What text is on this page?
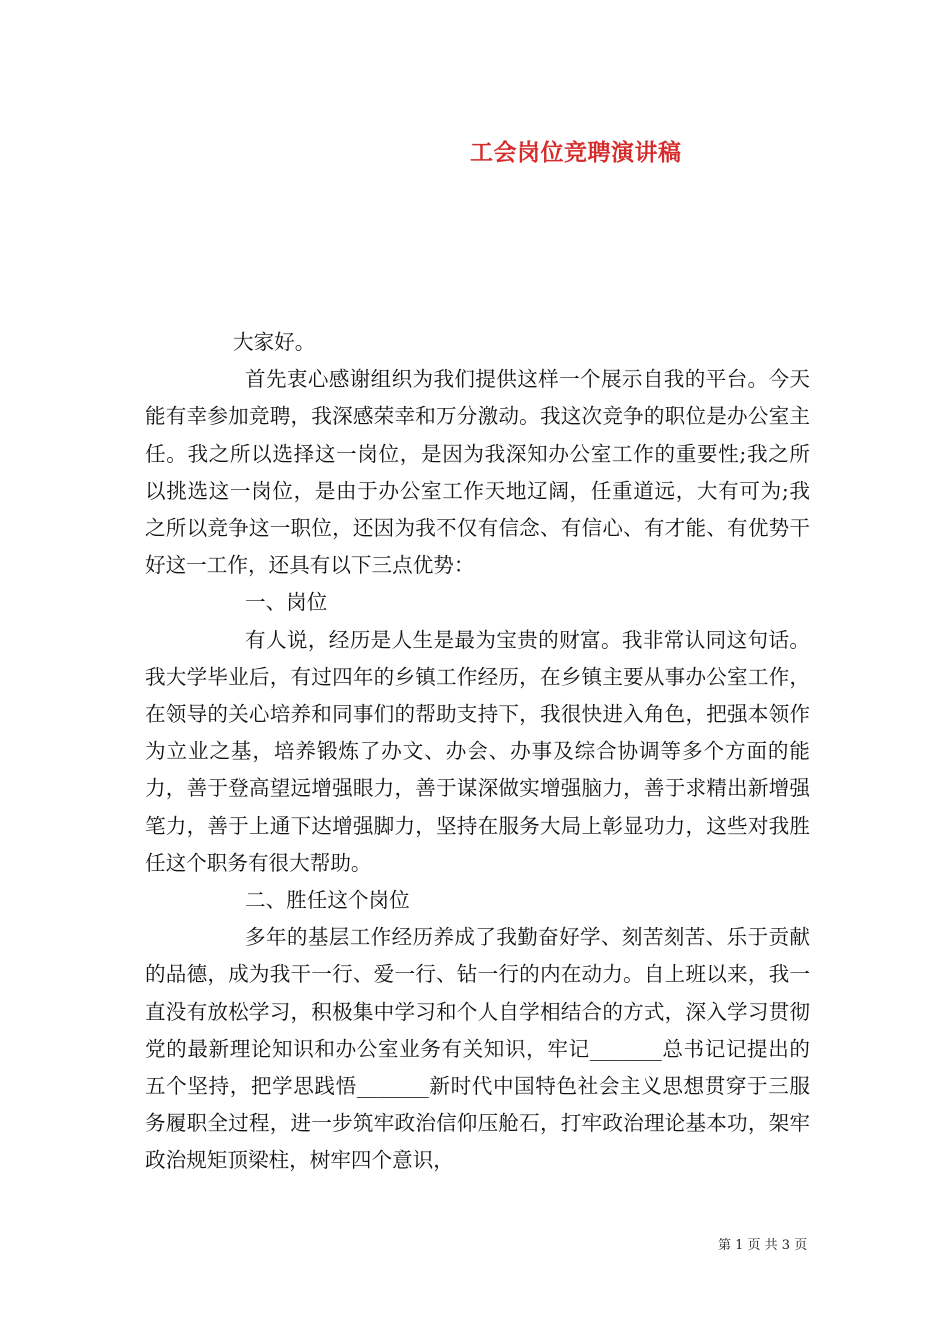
工会岗位竞聘演讲稿

大家好。

首先衷心感谢组织为我们提供这样一个展示自我的平台。今天能有幸参加竞聘，我深感荣幸和万分激动。我这次竞争的职位是办公室主任。我之所以选择这一岗位，是因为我深知办公室工作的重要性;我之所以挑选这一岗位，是由于办公室工作天地辽阔，任重道远，大有可为;我之所以竞争这一职位，还因为我不仅有信念、有信心、有才能、有优势干好这一工作，还具有以下三点优势：

一、岗位

有人说，经历是人生是最为宝贵的财富。我非常认同这句话。我大学毕业后，有过四年的乡镇工作经历，在乡镇主要从事办公室工作，在领导的关心培养和同事们的帮助支持下，我很快进入角色，把强本领作为立业之基，培养锻炼了办文、办会、办事及综合协调等多个方面的能力，善于登高望远增强眼力，善于谋深做实增强脑力，善于求精出新增强笔力，善于上通下达增强脚力，坚持在服务大局上彰显功力，这些对我胜任这个职务有很大帮助。

二、胜任这个岗位

多年的基层工作经历养成了我勤奋好学、刻苦刻苦、乐于贡献的品德，成为我干一行、爱一行、钻一行的内在动力。自上班以来，我一直没有放松学习，积极集中学习和个人自学相结合的方式，深入学习贯彻党的最新理论知识和办公室业务有关知识，牢记_______总书记记提出的五个坚持，把学思践悟_______新时代中国特色社会主义思想贯穿于三服务履职全过程，进一步筑牢政治信仰压舱石，打牢政治理论基本功，架牢政治规矩顶梁柱，树牢四个意识，

第 1 页 共 3 页
